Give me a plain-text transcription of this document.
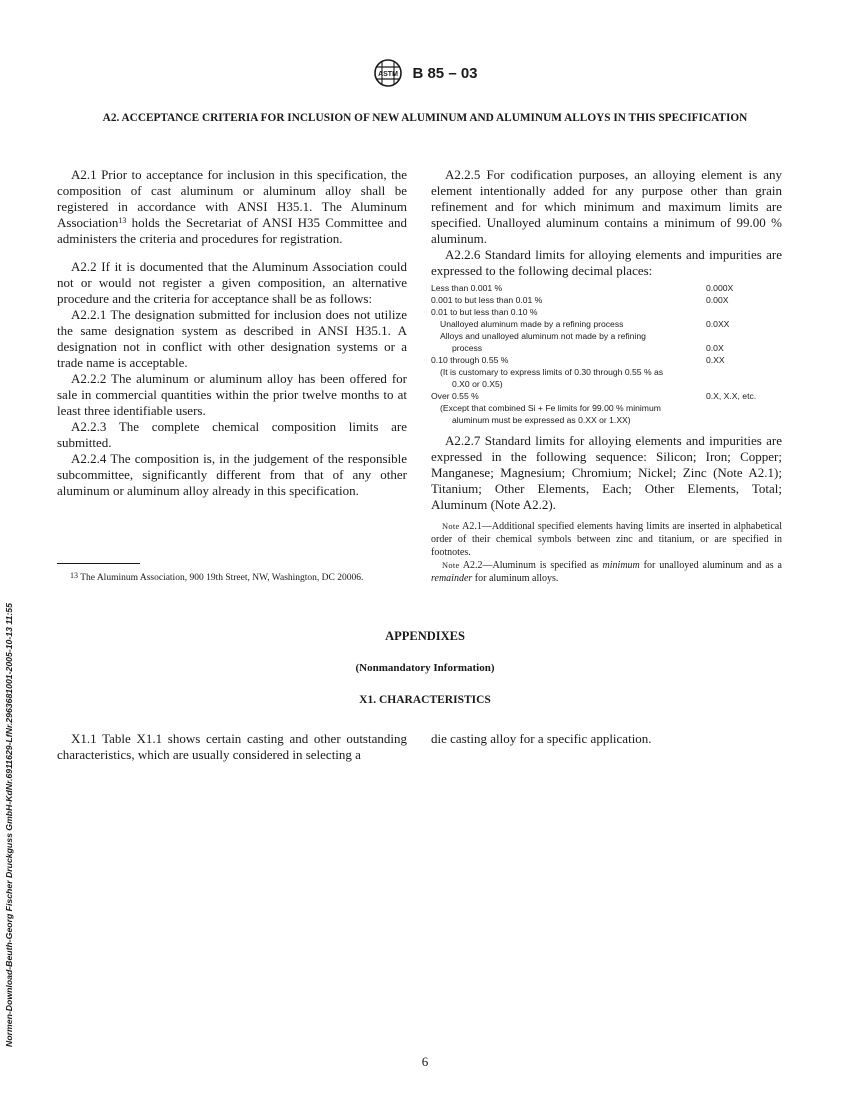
ASTM B 85 – 03
A2. ACCEPTANCE CRITERIA FOR INCLUSION OF NEW ALUMINUM AND ALUMINUM ALLOYS IN THIS SPECIFICATION

A2.1 Prior to acceptance for inclusion in this specification, the composition of cast aluminum or aluminum alloy shall be registered in accordance with ANSI H35.1. The Aluminum Association$^{13}$ holds the Secretariat of ANSI H35 Committee and administers the criteria and procedures for registration.

A2.2 If it is documented that the Aluminum Association could not or would not register a given composition, an alternative procedure and the criteria for acceptance shall be as follows:

A2.2.1 The designation submitted for inclusion does not utilize the same designation system as described in ANSI H35.1. A designation not in conflict with other designation systems or a trade name is acceptable.

A2.2.2 The aluminum or aluminum alloy has been offered for sale in commercial quantities within the prior twelve months to at least three identifiable users.

A2.2.3 The complete chemical composition limits are submitted.

A2.2.4 The composition is, in the judgement of the responsible subcommittee, significantly different from that of any other aluminum or aluminum alloy already in this specification.

A2.2.5 For codification purposes, an alloying element is any element intentionally added for any purpose other than grain refinement and for which minimum and maximum limits are specified. Unalloyed aluminum contains a minimum of 99.00 % aluminum.

A2.2.6 Standard limits for alloying elements and impurities are expressed to the following decimal places:

Less than 0.001 %	0.000X
0.001 to but less than 0.01 %	0.00X
0.01 to but less than 0.10 %
Unalloyed aluminum made by a refining process	0.0XX
Alloys and unalloyed aluminum not made by a refining
process	0.0X
0.10 through 0.55 %	0.XX
(It is customary to express limits of 0.30 through 0.55 % as
0.X0 or 0.X5)
Over 0.55 %	0.X, X.X, etc.
(Except that combined Si + Fe limits for 99.00 % minimum
aluminum must be expressed as 0.XX or 1.XX)

A2.2.7 Standard limits for alloying elements and impurities are expressed in the following sequence: Silicon; Iron; Copper; Manganese; Magnesium; Chromium; Nickel; Zinc (Note A2.1); Titanium; Other Elements, Each; Other Elements, Total; Aluminum (Note A2.2).

Note A2.1—Additional specified elements having limits are inserted in alphabetical order of their chemical symbols between zinc and titanium, or are specified in footnotes.

Note A2.2—Aluminum is specified as minimum for unalloyed aluminum and as a remainder for aluminum alloys.

$^{13}$ The Aluminum Association, 900 19th Street, NW, Washington, DC 20006.
APPENDIXES
(Nonmandatory Information)
X1. CHARACTERISTICS

X1.1 Table X1.1 shows certain casting and other outstanding characteristics, which are usually considered in selecting a

die casting alloy for a specific application.

Normen-Download-Beuth-Georg Fischer Druckguss GmbH-KdNr.6911629-LfNr.2963681001-2005-10-13 11:55
6
